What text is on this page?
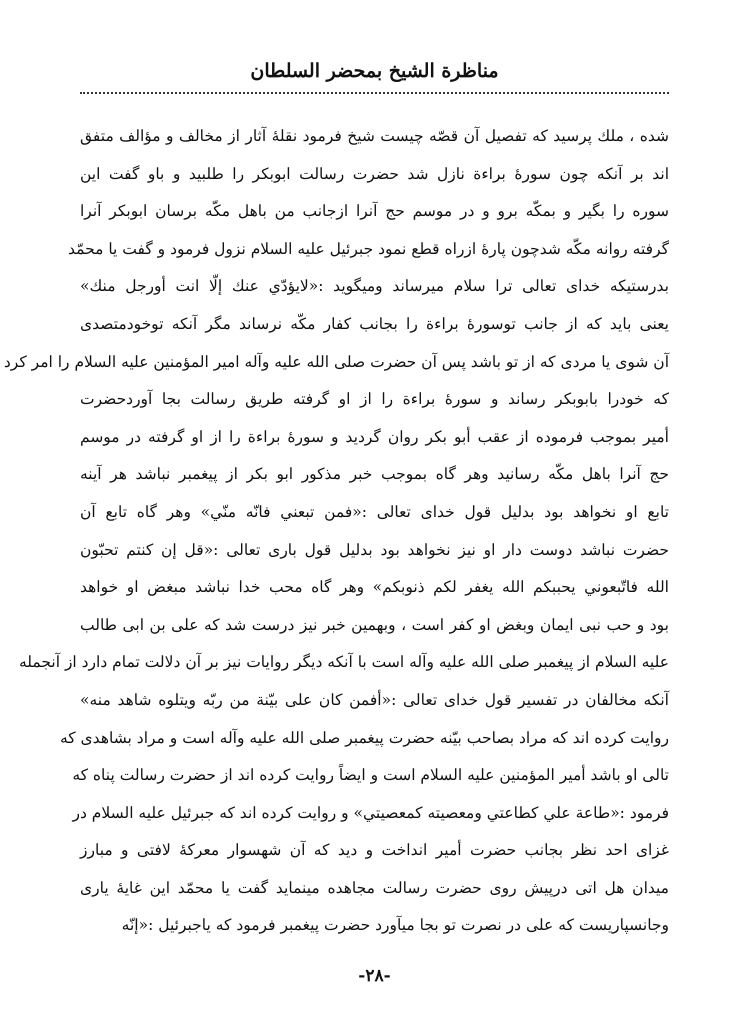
مناظرة الشيخ بمحضر السلطان
شده ، ملك پرسيد كه تفصيل آن قصّه چيست شيخ فرمود نقلهٔ آثار از مخالف و مؤالف متفق
اند بر آنكه چون سورهٔ براءة نازل شد حضرت رسالت ابوبكر را طلبيد و باو گفت اين
سوره را بگير و بمكّه برو و در موسم حج آنرا ازجانب من باهل مكّه برسان ابوبكر آنرا
گرفته روانه مكّه شدچون پارهٔ ازراه قطع نمود جبرئيل عليه السلام نزول فرمود و گفت يا محمّد
بدرستيكه خداى تعالى ترا سلام ميرساند وميگويد :«لايؤدّي عنك إلّا انت أورجل منك»
يعنى بايد كه از جانب توسورهٔ براءة را بجانب كفار مكّه نرساند مگر آنكه توخودمتصدى
آن شوى يا مردى كه از تو باشد پس آن حضرت صلى الله عليه وآله امير المؤمنين عليه السلام را امر كرد
كه خودرا بابوبكر رساند و سورهٔ براءة را از او گرفته طريق رسالت بجا آوردحضرت
أمير بموجب فرموده از عقب أبو بكر روان گرديد و سورهٔ براءة را از او گرفته در موسم
حج آنرا باهل مكّه رسانيد وهر گاه بموجب خبر مذكور ابو بكر از پيغمبر نباشد هر آينه
تابع او نخواهد بود بدليل قول خداى تعالى :«فمن تبعني فانّه منّي» وهر گاه تابع آن
حضرت نباشد دوست دار او نيز نخواهد بود بدليل قول بارى تعالى :«قل إن كنتم تحبّون
الله فاتّبعوني يحببكم الله يغفر لكم ذنوبكم» وهر گاه محب خدا نباشد مبغض او خواهد
بود و حب نبى ايمان وبغض او كفر است ، وبهمين خبر نيز درست شد كه على بن ابى طالب
عليه السلام از پيغمبر صلى الله عليه وآله است با آنكه ديگر روايات نيز بر آن دلالت تمام دارد از آنجمله
آنكه مخالفان در تفسير قول خداى تعالى :«أفمن كان على بيّنة من ربّه ويتلوه شاهد منه»
روايت كرده اند كه مراد بصاحب بيّنه حضرت پيغمبر صلى الله عليه وآله است و مراد بشاهدى كه
تالى او باشد أمير المؤمنين عليه السلام است و ايضاً روايت كرده اند از حضرت رسالت پناه كه
فرمود :«طاعة علي كطاعتي ومعصيته كمعصيتي» و روايت كرده اند كه جبرئيل عليه السلام در
غزاى احد نظر بجانب حضرت أمير انداخت و ديد كه آن شهسوار معركهٔ لافتى و مبارز
ميدان هل اتى درپيش روى حضرت رسالت مجاهده مينمايد گفت يا محمّد اين غايهٔ يارى
وجانسپاريست كه على در نصرت تو بجا ميآورد حضرت پيغمبر فرمود كه ياجبرئيل :«إنّه
-٢٨-
